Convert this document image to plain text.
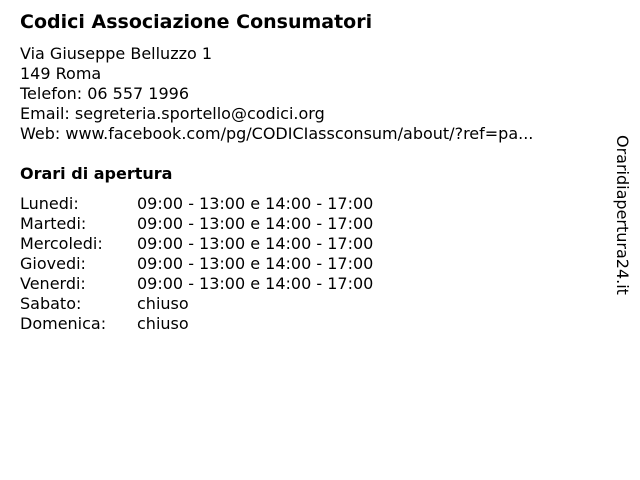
Codici Associazione Consumatori
Via Giuseppe Belluzzo 1
149 Roma
Telefon: 06 557 1996
Email: segreteria.sportello@codici.org
Web: www.facebook.com/pg/CODICIassconsum/about/?ref=pa...
Orari di apertura
Lunedi:	09:00 - 13:00 e 14:00 - 17:00
Martedi:	09:00 - 13:00 e 14:00 - 17:00
Mercoledi:	09:00 - 13:00 e 14:00 - 17:00
Giovedi:	09:00 - 13:00 e 14:00 - 17:00
Venerdi:	09:00 - 13:00 e 14:00 - 17:00
Sabato:	chiuso
Domenica:	chiuso
Oraridiapertura24.it
